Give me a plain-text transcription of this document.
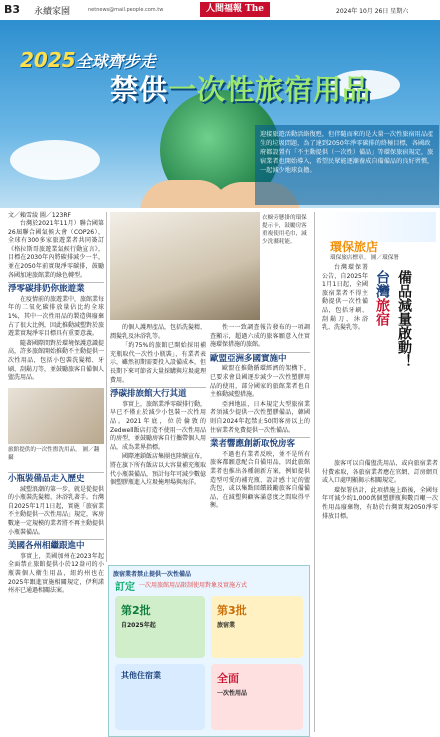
B3 永續家園	netnews@mail.people.com.tw	人間福報 The	2024年 10月 26日 星期六
2025全球齊步走
禁供一次性旅宿用品
迎接旅遊活動活絡復甦，但伴隨而來的是大量一次性旅宿用品產生的垃圾問題，為了達到2050年淨零碳排的終極目標，各國政府都設置有「不主動提供（一次性）備品」等環保旅宿規定，旅宿業者也開始導入，希望民眾能逐漸養成自備備品的良好習慣，一起減少地球負擔。
文／賴雪綾 圖／123RF

台灣於2021年11月）聯合國第26屆聯合國氣候大會（COP26），全球有300多家旅遊業者共同簽訂《格拉斯哥旅遊業氣候行動宣言》，目標在2030年內將碳排減少一半，並在2050年前實現淨零碳排，鼓勵各國加速旅館業的綠色轉型。

淨零碳排奶你旅遊業

在疫情前的旅遊業中，旅館業每年的二氧化碳排放量佔比約全球1%，其中一次性用品的製造與廢棄占了很大比例，因此推動減塑對於旅遊業實現淨零目標具有重要意義。

隨著國際間對於環境保護意識提高，許多旅館開始推動不主動提供一次性用品，包括小包裝洗髮精、牙刷、刮鬍刀等，並鼓勵旅客自備個人盥洗用品。

旅館提供的一次性盥洗用品。 圖／翻攝
小瓶裝備品走入歷史

減塑浪潮的第一步，就是從提供的小瓶裝洗髮精、沐浴乳著手。台灣自2025年1月1日起，實施「旅宿業不主動提供一次性用品」規定，客房數達一定規模的業者將不再主動提供小瓶裝備品。

美國各州相繼跟進中

事實上，美國加州在2023年起全面禁止旅館提供小於12盎司的小瓶裝個人衛生用品，紐約州也在2025年跟進實施相關規定，伊利諾州亦已通過相關法案。

的個人護理產品，包括洗髮精、潤髮乳及沐浴乳等。

「約75%的旅館已開始採用補充瓶取代一次性小瓶裝」，有業者表示，雖然初期需要投入設備成本，但長期下來可節省大量採購與垃圾處理費用。

淨碳排旅館大行其道

事實上，旅館業淨零碳排行動，早已不僅止於減少小包裝一次性用品。2021年底，位於倫敦的Zedwell飯店打造不使用一次性用品的房型，並鼓勵房客自行攜帶個人用品，成為業界指標。

國際連鎖飯店集團也陸續宣布，將在旗下所有飯店以大容量補充瓶取代小瓶裝備品，預計每年可減少數億個塑膠瓶進入垃圾掩埋場與海洋。

衣櫥旁懸掛的環保提示卡，鼓勵房客重複使用毛巾，減少洗滌耗能。

性一一致調查報告發布的一項調查顯示，超過六成的旅客願意入住實施環保措施的旅館。

歐盟亞洲多國實施中

歐盟在推動循環經濟的架構下，已要求會員國逐步減少一次性塑膠用品的使用，部分國家的旅館業者也自主推動減塑措施。

亞洲地區，日本規定大型旅宿業者須減少提供一次性塑膠備品，韓國則自2024年起禁止50間客房以上的住宿業者免費提供一次性備品。

業者響應創新取悅房客

不過也有業者反映，並不是所有旅客都願意配合自備用品，因此旅館業者也推出各種創新方案，例如提供造型可愛的補充瓶、設計感十足的盥洗包，或以集點回饋鼓勵旅客自備備品，在減塑與顧客滿意度之間取得平衡。

環保旅店
環保旅店標章。 圖／環保署
台灣旅宿 備品減量啟動！

台灣環保署公告，自2025年1月1日起，全國旅宿業者不得主動提供一次性備品，包括牙刷、刮鬍刀、沐浴乳、洗髮乳等。

旅客可以自備盥洗用品，或向旅宿業者付費索取，各旅宿業者應在官網、訂房網頁或入口處明顯揭示相關規定。

環保署估計，此項措施上路後，全國每年可減少約1,000萬個塑膠瓶與數百噸一次性用品廢棄物，有助於台灣實現2050淨零排放目標。

旅宿業者禁止提供一次性備品
訂定 一次用旅館用品限制使用對象及實施方式
第2批
自2025年起
第3批
旅宿業
其他住宿業	全面
一次性用品
